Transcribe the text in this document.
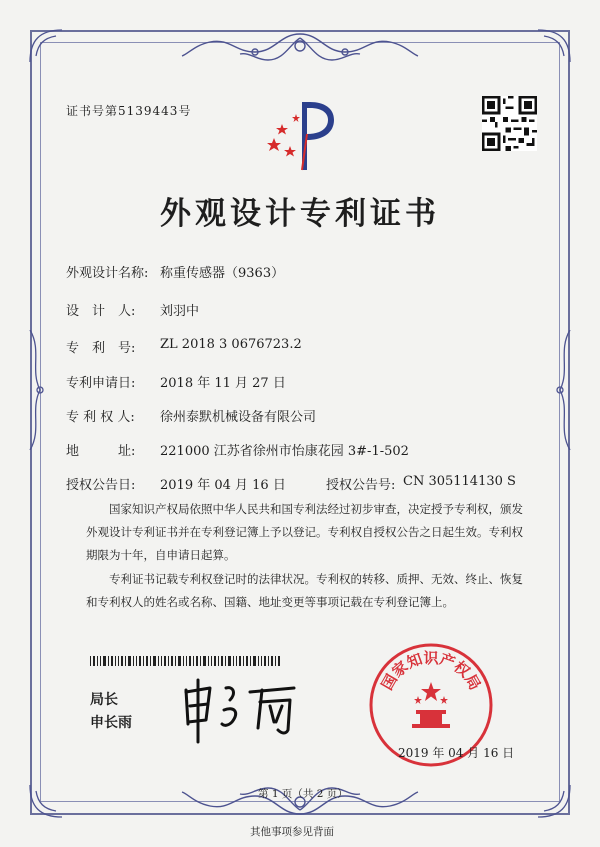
证书号第5139443号
外观设计专利证书
外观设计名称: 称重传感器（9363）
设　计　人: 刘羽中
专　利　号: ZL 2018 3 0676723.2
专利申请日: 2018 年 11 月 27 日
专 利 权 人: 徐州泰默机械设备有限公司
地　　　址: 221000 江苏省徐州市怡康花园 3#-1-502
授权公告日: 2019 年 04 月 16 日	授权公告号: CN 305114130 S
国家知识产权局依照中华人民共和国专利法经过初步审查，决定授予专利权，颁发外观设计专利证书并在专利登记簿上予以登记。专利权自授权公告之日起生效。专利权期限为十年，自申请日起算。
专利证书记载专利权登记时的法律状况。专利权的转移、质押、无效、终止、恢复和专利权人的姓名或名称、国籍、地址变更等事项记载在专利登记簿上。
局长
申长雨
国家知识产权局
2019 年 04 月 16 日
第 1 页（共 2 页）
其他事项参见背面
